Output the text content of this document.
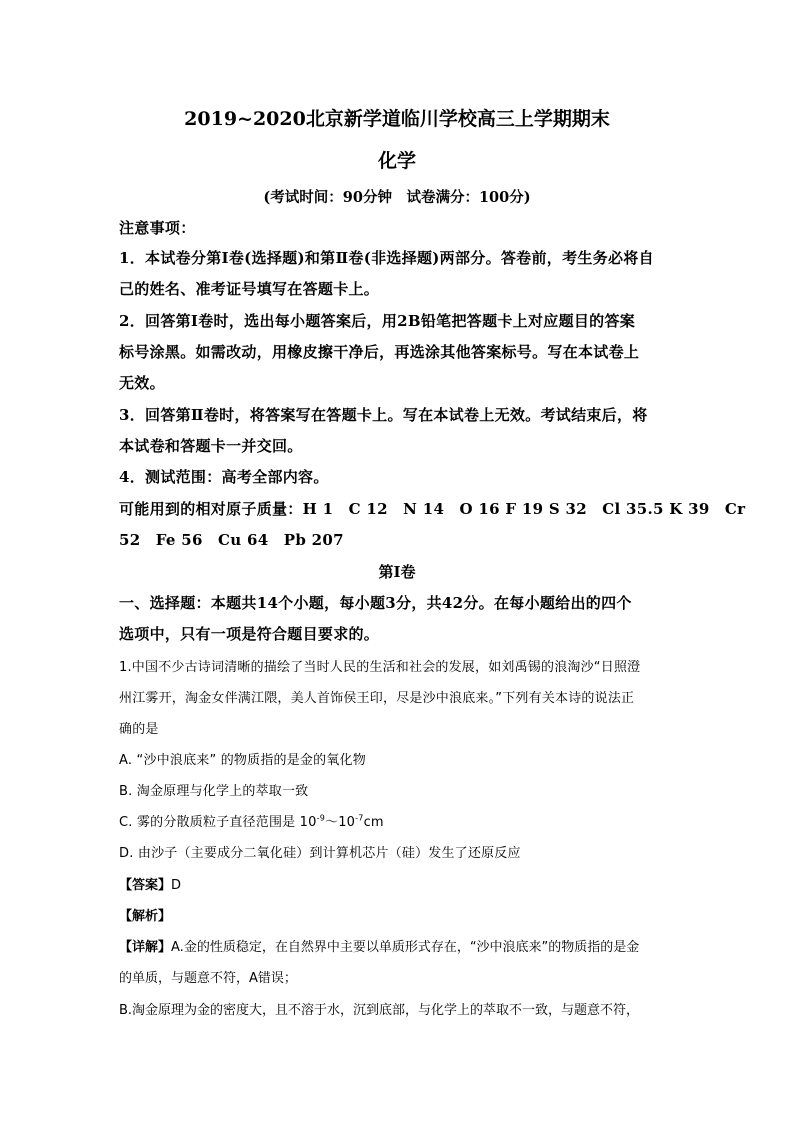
2019~2020北京新学道临川学校高三上学期期末
化学
(考试时间：90分钟　试卷满分：100分)
注意事项：
1．本试卷分第Ⅰ卷(选择题)和第Ⅱ卷(非选择题)两部分。答卷前，考生务必将自
己的姓名、准考证号填写在答题卡上。
2．回答第Ⅰ卷时，选出每小题答案后，用2B铅笔把答题卡上对应题目的答案
标号涂黑。如需改动，用橡皮擦干净后，再选涂其他答案标号。写在本试卷上
无效。
3．回答第Ⅱ卷时，将答案写在答题卡上。写在本试卷上无效。考试结束后，将
本试卷和答题卡一并交回。
4．测试范围：高考全部内容。
可能用到的相对原子质量：H 1　C 12　N 14　O 16 F 19 S 32　Cl 35.5 K 39　Cr
52　Fe 56　Cu 64　Pb 207
第Ⅰ卷
一、选择题：本题共14个小题，每小题3分，共42分。在每小题给出的四个
选项中，只有一项是符合题目要求的。
1.中国不少古诗词清晰的描绘了当时人民的生活和社会的发展，如刘禹锡的浪淘沙“日照澄
州江雾开，淘金女伴满江隈，美人首饰侯王印，尽是沙中浪底来。”下列有关本诗的说法正
确的是
A. “沙中浪底来” 的物质指的是金的氧化物
B. 淘金原理与化学上的萃取一致
C. 雾的分散质粒子直径范围是 $10^{-9}\sim 10^{-7}cm$
D. 由沙子（主要成分二氧化硅）到计算机芯片（硅）发生了还原反应
【答案】D
【解析】
【详解】A.金的性质稳定，在自然界中主要以单质形式存在，“沙中浪底来”的物质指的是金
的单质，与题意不符，A错误；
B.淘金原理为金的密度大，且不溶于水，沉到底部，与化学上的萃取不一致，与题意不符，
